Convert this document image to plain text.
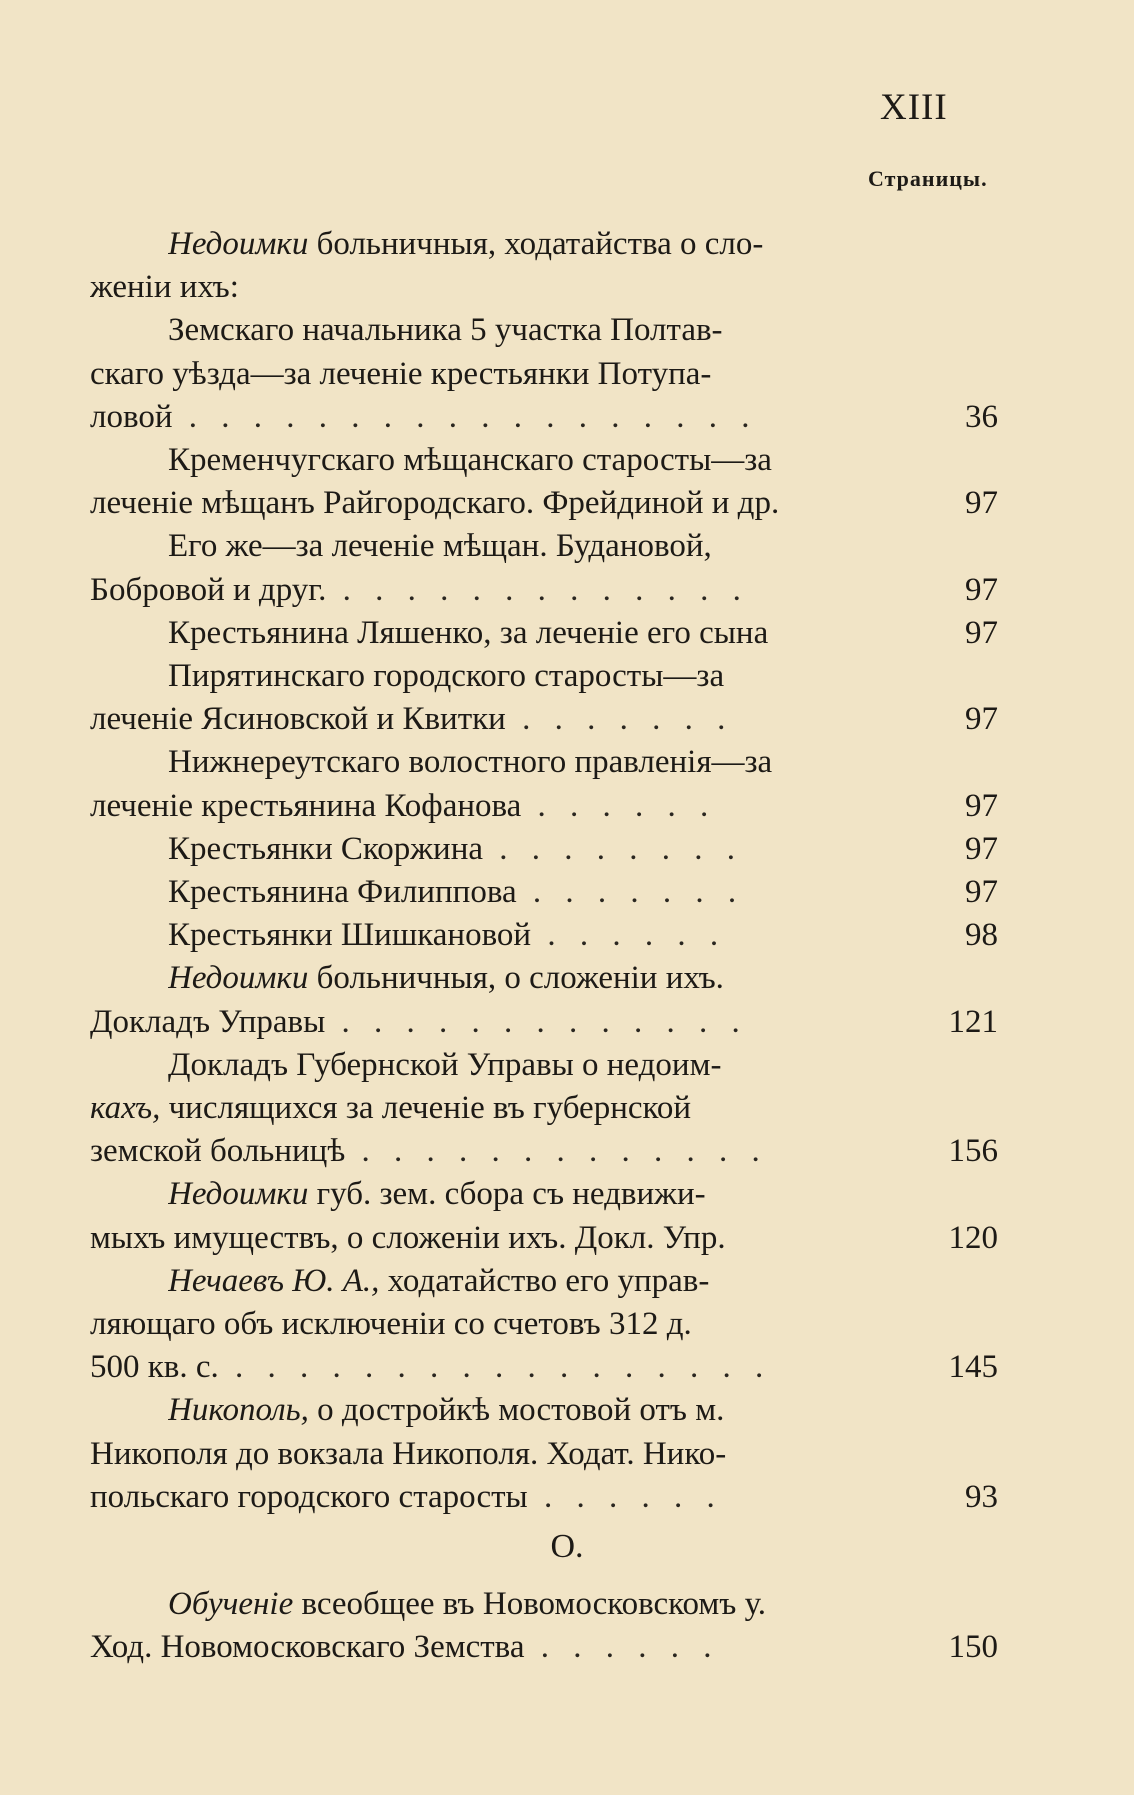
XIII
Страницы.
Недоимки больничныя, ходатайства о сло-
женіи ихъ:
Земскаго начальника 5 участка Полтав-
скаго уѣзда—за леченіе крестьянки Потупа-
ловой . . . . . . . . . . . . . . . . . .	36
Кременчугскаго мѣщанскаго старосты—за
леченіе мѣщанъ Райгородскаго. Фрейдиной и др.	97
Его же—за леченіе мѣщан. Будановой,
Бобровой и друг. . . . . . . . . . . . . .	97
Крестьянина Ляшенко, за леченіе его сына	97
Пирятинскаго городского старосты—за
леченіе Ясиновской и Квитки . . . . . . .	97
Нижнереутскаго волостного правленія—за
леченіе крестьянина Кофанова . . . . . .	97
Крестьянки Скоржина . . . . . . . .	97
Крестьянина Филиппова . . . . . . .	97
Крестьянки Шишкановой . . . . . .	98
Недоимки больничныя, о сложеніи ихъ.
Докладъ Управы . . . . . . . . . . . . .	121
Докладъ Губернской Управы о недоим-
кахъ, числящихся за леченіе въ губернской
земской больницѣ . . . . . . . . . . . . .	156
Недоимки губ. зем. сбора съ недвижи-
мыхъ имуществъ, о сложеніи ихъ. Докл. Упр.	120
Нечаевъ Ю. А., ходатайство его управ-
ляющаго объ исключеніи со счетовъ 312 д.
500 кв. с. . . . . . . . . . . . . . . . . .	145
Никополь, о достройкѣ мостовой отъ м.
Никополя до вокзала Никополя. Ходат. Нико-
польскаго городского старосты . . . . . .	93
О.
Обученіе всеобщее въ Новомосковскомъ у.
Ход. Новомосковскаго Земства . . . . . .	150
